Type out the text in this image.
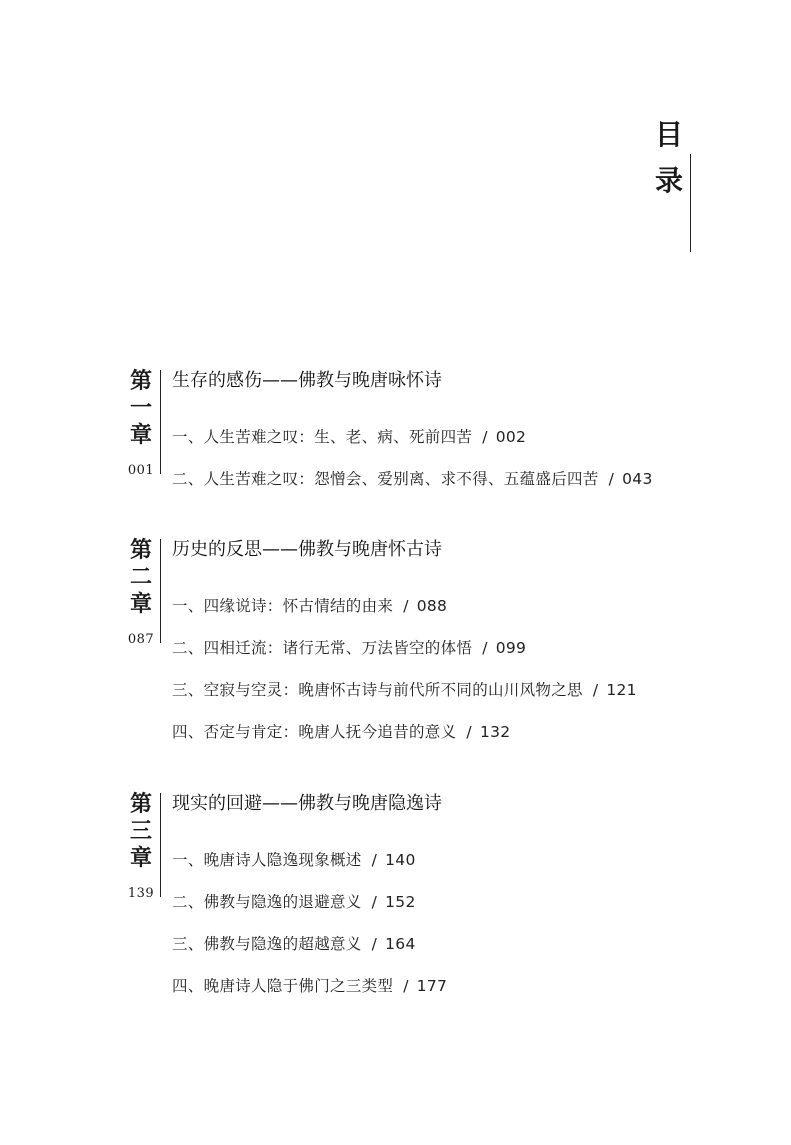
目
录
第
一
章
001
生存的感伤——佛教与晚唐咏怀诗
一、人生苦难之叹：生、老、病、死前四苦 / 002
二、人生苦难之叹：怨憎会、爱别离、求不得、五蕴盛后四苦 / 043
第
二
章
087
历史的反思——佛教与晚唐怀古诗
一、四缘说诗：怀古情结的由来 / 088
二、四相迁流：诸行无常、万法皆空的体悟 / 099
三、空寂与空灵：晚唐怀古诗与前代所不同的山川风物之思 / 121
四、否定与肯定：晚唐人抚今追昔的意义 / 132
第
三
章
139
现实的回避——佛教与晚唐隐逸诗
一、晚唐诗人隐逸现象概述 / 140
二、佛教与隐逸的退避意义 / 152
三、佛教与隐逸的超越意义 / 164
四、晚唐诗人隐于佛门之三类型 / 177
